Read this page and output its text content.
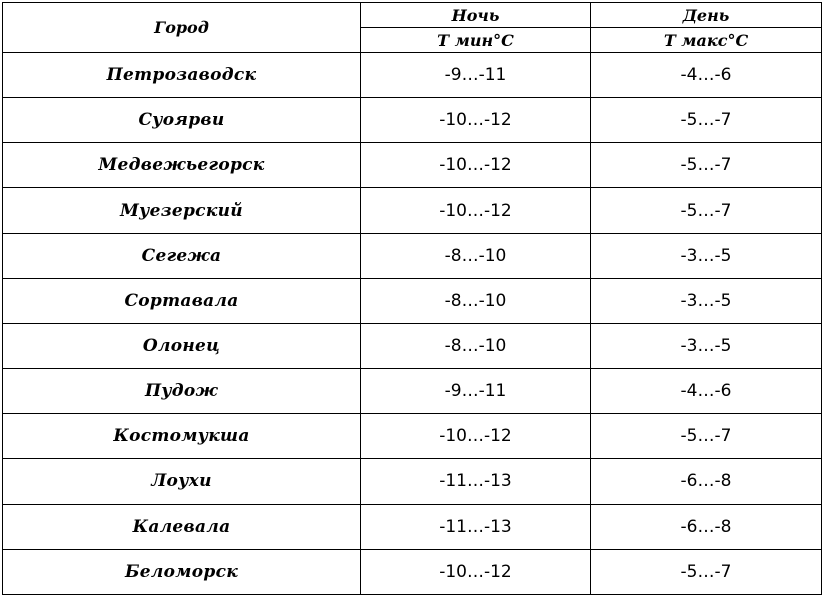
Город	Ночь	День
	Т мин°С	Т макс°С
Петрозаводск	-9…-11	-4…-6
Суоярви	-10…-12	-5…-7
Медвежьегорск	-10…-12	-5…-7
Муезерский	-10…-12	-5…-7
Сегежа	-8…-10	-3…-5
Сортавала	-8…-10	-3…-5
Олонец	-8…-10	-3…-5
Пудож	-9…-11	-4…-6
Костомукша	-10…-12	-5…-7
Лоухи	-11…-13	-6…-8
Калевала	-11…-13	-6…-8
Беломорск	-10…-12	-5…-7
